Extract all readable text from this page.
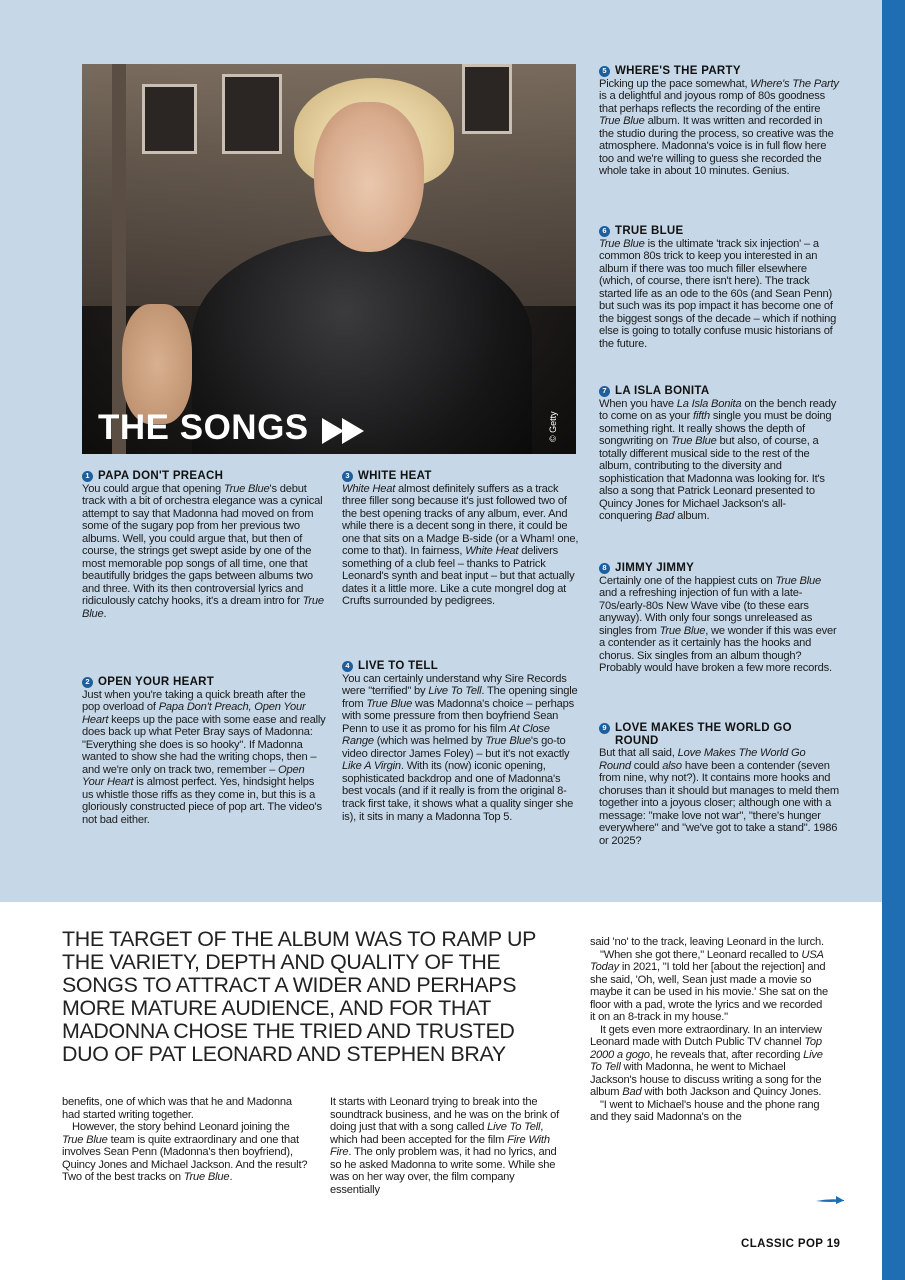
THE SONGS	© Getty
1 PAPA DON'T PREACH

You could argue that opening True Blue's debut track with a bit of orchestra elegance was a cynical attempt to say that Madonna had moved on from some of the sugary pop from her previous two albums. Well, you could argue that, but then of course, the strings get swept aside by one of the most memorable pop songs of all time, one that beautifully bridges the gaps between albums two and three. With its then controversial lyrics and ridiculously catchy hooks, it's a dream intro for True Blue.

2 OPEN YOUR HEART

Just when you're taking a quick breath after the pop overload of Papa Don't Preach, Open Your Heart keeps up the pace with some ease and really does back up what Peter Bray says of Madonna: "Everything she does is so hooky". If Madonna wanted to show she had the writing chops, then – and we're only on track two, remember – Open Your Heart is almost perfect. Yes, hindsight helps us whistle those riffs as they come in, but this is a gloriously constructed piece of pop art. The video's not bad either.

3 WHITE HEAT

White Heat almost definitely suffers as a track three filler song because it's just followed two of the best opening tracks of any album, ever. And while there is a decent song in there, it could be one that sits on a Madge B-side (or a Wham! one, come to that). In fairness, White Heat delivers something of a club feel – thanks to Patrick Leonard's synth and beat input – but that actually dates it a little more. Like a cute mongrel dog at Crufts surrounded by pedigrees.

4 LIVE TO TELL

You can certainly understand why Sire Records were "terrified" by Live To Tell. The opening single from True Blue was Madonna's choice – perhaps with some pressure from then boyfriend Sean Penn to use it as promo for his film At Close Range (which was helmed by True Blue's go-to video director James Foley) – but it's not exactly Like A Virgin. With its (now) iconic opening, sophisticated backdrop and one of Madonna's best vocals (and if it really is from the original 8-track first take, it shows what a quality singer she is), it sits in many a Madonna Top 5.

5 WHERE'S THE PARTY

Picking up the pace somewhat, Where's The Party is a delightful and joyous romp of 80s goodness that perhaps reflects the recording of the entire True Blue album. It was written and recorded in the studio during the process, so creative was the atmosphere. Madonna's voice is in full flow here too and we're willing to guess she recorded the whole take in about 10 minutes. Genius.

6 TRUE BLUE

True Blue is the ultimate 'track six injection' – a common 80s trick to keep you interested in an album if there was too much filler elsewhere (which, of course, there isn't here). The track started life as an ode to the 60s (and Sean Penn) but such was its pop impact it has become one of the biggest songs of the decade – which if nothing else is going to totally confuse music historians of the future.

7 LA ISLA BONITA

When you have La Isla Bonita on the bench ready to come on as your fifth single you must be doing something right. It really shows the depth of songwriting on True Blue but also, of course, a totally different musical side to the rest of the album, contributing to the diversity and sophistication that Madonna was looking for. It's also a song that Patrick Leonard presented to Quincy Jones for Michael Jackson's all-conquering Bad album.

8 JIMMY JIMMY

Certainly one of the happiest cuts on True Blue and a refreshing injection of fun with a late-70s/early-80s New Wave vibe (to these ears anyway). With only four songs unreleased as singles from True Blue, we wonder if this was ever a contender as it certainly has the hooks and chorus. Six singles from an album though? Probably would have broken a few more records.

9 LOVE MAKES THE WORLD GO ROUND

But that all said, Love Makes The World Go Round could also have been a contender (seven from nine, why not?). It contains more hooks and choruses than it should but manages to meld them together into a joyous closer; although one with a message: "make love not war", "there's hunger everywhere" and "we've got to take a stand". 1986 or 2025?

THE TARGET OF THE ALBUM WAS TO RAMP UP THE VARIETY, DEPTH AND QUALITY OF THE SONGS TO ATTRACT A WIDER AND PERHAPS MORE MATURE AUDIENCE, AND FOR THAT MADONNA CHOSE THE TRIED AND TRUSTED DUO OF PAT LEONARD AND STEPHEN BRAY

benefits, one of which was that he and Madonna had started writing together.

However, the story behind Leonard joining the True Blue team is quite extraordinary and one that involves Sean Penn (Madonna's then boyfriend), Quincy Jones and Michael Jackson. And the result? Two of the best tracks on True Blue.

It starts with Leonard trying to break into the soundtrack business, and he was on the brink of doing just that with a song called Live To Tell, which had been accepted for the film Fire With Fire. The only problem was, it had no lyrics, and so he asked Madonna to write some. While she was on her way over, the film company essentially

said 'no' to the track, leaving Leonard in the lurch.

"When she got there," Leonard recalled to USA Today in 2021, "I told her [about the rejection] and she said, 'Oh, well, Sean just made a movie so maybe it can be used in his movie.' She sat on the floor with a pad, wrote the lyrics and we recorded it on an 8-track in my house."

It gets even more extraordinary. In an interview Leonard made with Dutch Public TV channel Top 2000 a gogo, he reveals that, after recording Live To Tell with Madonna, he went to Michael Jackson's house to discuss writing a song for the album Bad with both Jackson and Quincy Jones.

"I went to Michael's house and the phone rang and they said Madonna's on the

CLASSIC POP 19
